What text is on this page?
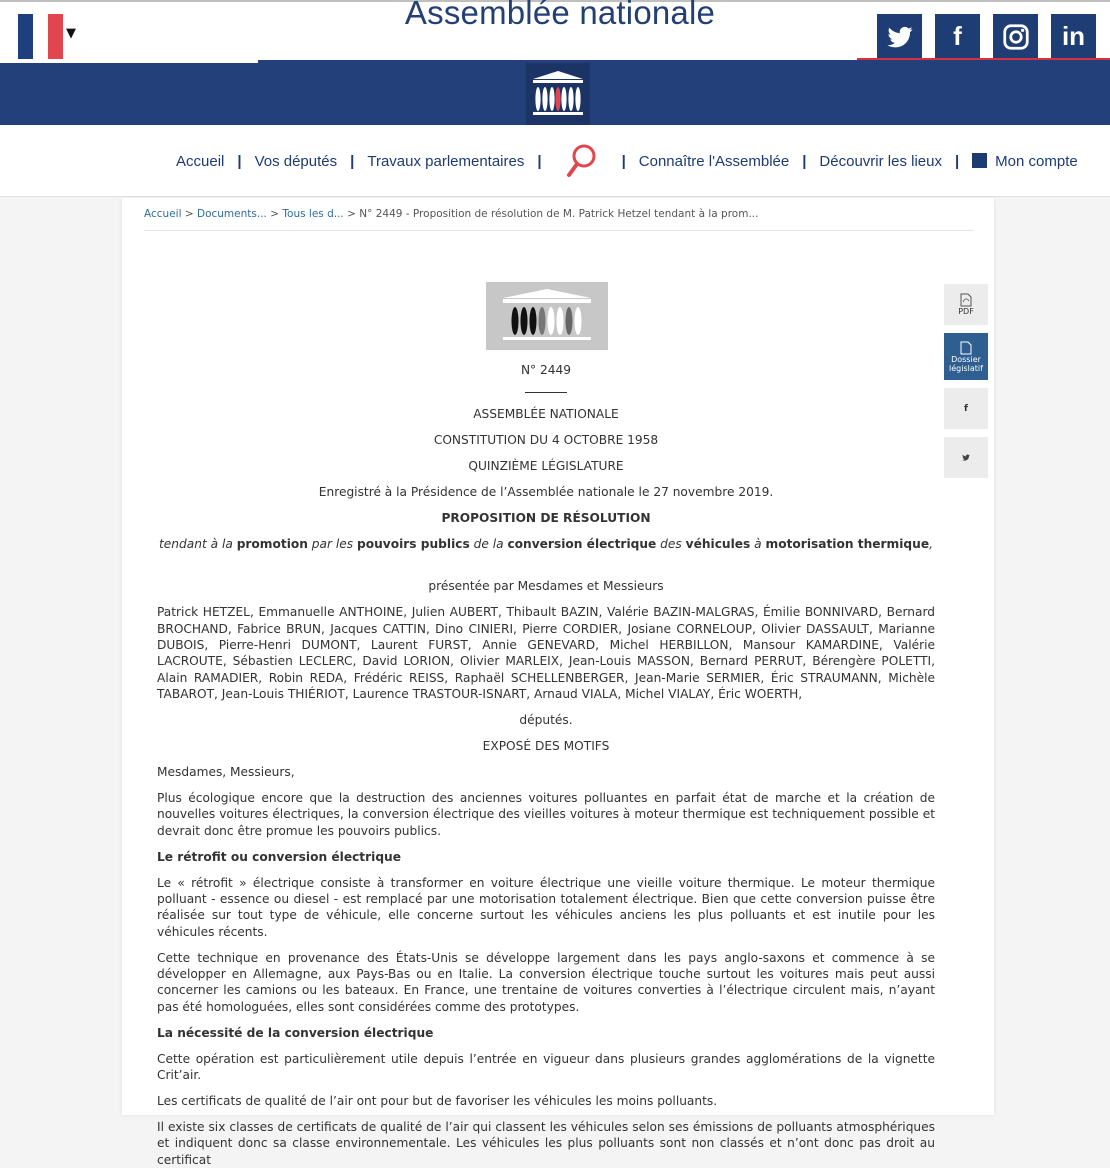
▼
Assemblée nationale
f	in
Accueil | Vos députés | Travaux parlementaires |	| Connaître l'Assemblée | Découvrir les lieux |	Mon compte
Accueil > Documents... > Tous les d... > N° 2449 - Proposition de résolution de M. Patrick Hetzel tendant à la prom...

N° 2449

ASSEMBLÉE NATIONALE

CONSTITUTION DU 4 OCTOBRE 1958

QUINZIÈME LÉGISLATURE

Enregistré à la Présidence de l’Assemblée nationale le 27 novembre 2019.

PROPOSITION DE RÉSOLUTION

tendant à la promotion par les pouvoirs publics de la conversion électrique des véhicules à motorisation thermique,

présentée par Mesdames et Messieurs

Patrick HETZEL, Emmanuelle ANTHOINE, Julien AUBERT, Thibault BAZIN, Valérie BAZIN-MALGRAS, Émilie BONNIVARD, Bernard BROCHAND, Fabrice BRUN, Jacques CATTIN, Dino CINIERI, Pierre CORDIER, Josiane CORNELOUP, Olivier DASSAULT, Marianne DUBOIS, Pierre-Henri DUMONT, Laurent FURST, Annie GENEVARD, Michel HERBILLON, Mansour KAMARDINE, Valérie LACROUTE, Sébastien LECLERC, David LORION, Olivier MARLEIX, Jean-Louis MASSON, Bernard PERRUT, Bérengère POLETTI, Alain RAMADIER, Robin REDA, Frédéric REISS, Raphaël SCHELLENBERGER, Jean-Marie SERMIER, Éric STRAUMANN, Michèle TABAROT, Jean-Louis THIÉRIOT, Laurence TRASTOUR-ISNART, Arnaud VIALA, Michel VIALAY, Éric WOERTH,

députés.

EXPOSÉ DES MOTIFS

Mesdames, Messieurs,

Plus écologique encore que la destruction des anciennes voitures polluantes en parfait état de marche et la création de nouvelles voitures électriques, la conversion électrique des vieilles voitures à moteur thermique est techniquement possible et devrait donc être promue les pouvoirs publics.

Le rétrofit ou conversion électrique

Le « rétrofit » électrique consiste à transformer en voiture électrique une vieille voiture thermique. Le moteur thermique polluant - essence ou diesel - est remplacé par une motorisation totalement électrique. Bien que cette conversion puisse être réalisée sur tout type de véhicule, elle concerne surtout les véhicules anciens les plus polluants et est inutile pour les véhicules récents.

Cette technique en provenance des États-Unis se développe largement dans les pays anglo-saxons et commence à se développer en Allemagne, aux Pays-Bas ou en Italie. La conversion électrique touche surtout les voitures mais peut aussi concerner les camions ou les bateaux. En France, une trentaine de voitures converties à l’électrique circulent mais, n’ayant pas été homologuées, elles sont considérées comme des prototypes.

La nécessité de la conversion électrique

Cette opération est particulièrement utile depuis l’entrée en vigueur dans plusieurs grandes agglomérations de la vignette Crit’air.

Les certificats de qualité de l’air ont pour but de favoriser les véhicules les moins polluants.

Il existe six classes de certificats de qualité de l’air qui classent les véhicules selon ses émissions de polluants atmosphériques et indiquent donc sa classe environnementale. Les véhicules les plus polluants sont non classés et n’ont donc pas droit au certificat

PDF
Dossier
législatif
f
